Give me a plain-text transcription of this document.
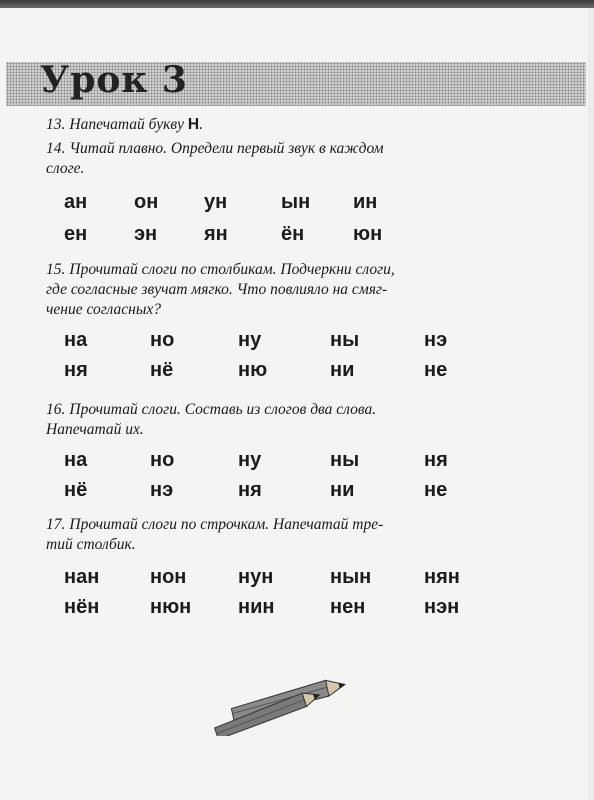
Урок 3
13. Напечатай букву Н.
14. Читай плавно. Определи первый звук в каждом
слоге.
15. Прочитай слоги по столбикам. Подчеркни слоги,
где согласные звучат мягко. Что повлияло на смяг-
чение согласных?
16. Прочитай слоги. Составь из слогов два слова.
Напечатай их.
17. Прочитай слоги по строчкам. Напечатай тре-
тий столбик.
ан он ун	ын ин
ен эн ян	ён юн
на	но	ну	ны	нэ
ня	нё	ню	ни	не
на	но	ну	ны	ня
нё	нэ	ня	ни	не
нан	нон	нун	нын	нян
нён	нюн нин	нен	нэн
